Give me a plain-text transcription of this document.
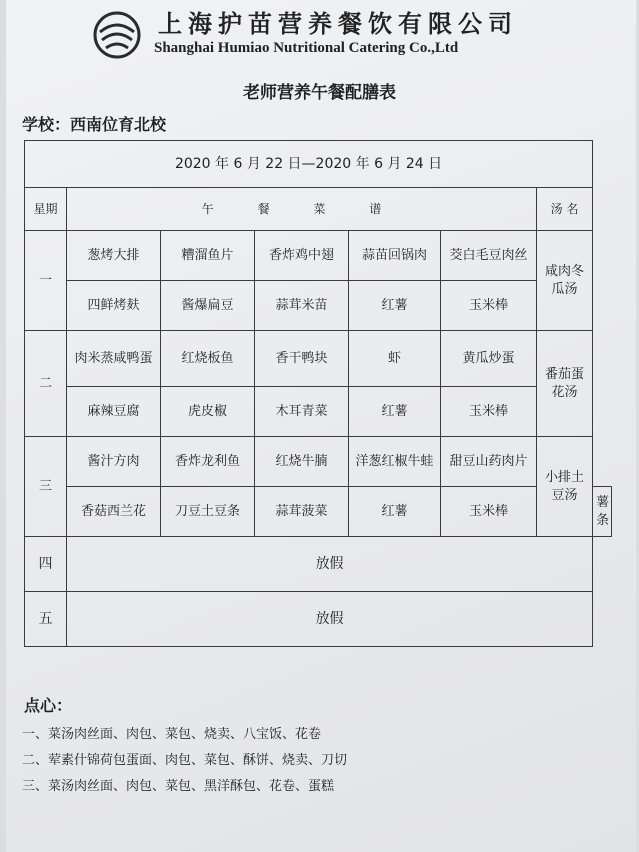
上海护苗营养餐饮有限公司
Shanghai Humiao Nutritional Catering Co.,Ltd
老师营养午餐配膳表
学校：西南位育北校
2020 年 6 月 22 日—2020 年 6 月 24 日							
星期	午 餐 菜 谱					汤 名	
一	葱烤大排	糟溜鱼片	香炸鸡中翅	蒜苗回锅肉	茭白毛豆肉丝	咸肉冬瓜汤	
	四鲜烤麸	酱爆扁豆	蒜茸米苗	红薯	玉米棒		
二	肉米蒸咸鸭蛋	红烧板鱼	香干鸭块	虾	黄瓜炒蛋	番茄蛋花汤	
	麻辣豆腐	虎皮椒	木耳青菜	红薯	玉米棒		
三	酱汁方肉	香炸龙利鱼	红烧牛腩	洋葱红椒牛蛙	甜豆山药肉片	小排土豆汤	
	香菇西兰花	刀豆土豆条	蒜茸菠菜	红薯	玉米棒		薯条
四	放假						
五	放假						
点心：
一、菜汤肉丝面、肉包、菜包、烧卖、八宝饭、花卷
二、荤素什锦荷包蛋面、肉包、菜包、酥饼、烧卖、刀切
三、菜汤肉丝面、肉包、菜包、黑洋酥包、花卷、蛋糕
